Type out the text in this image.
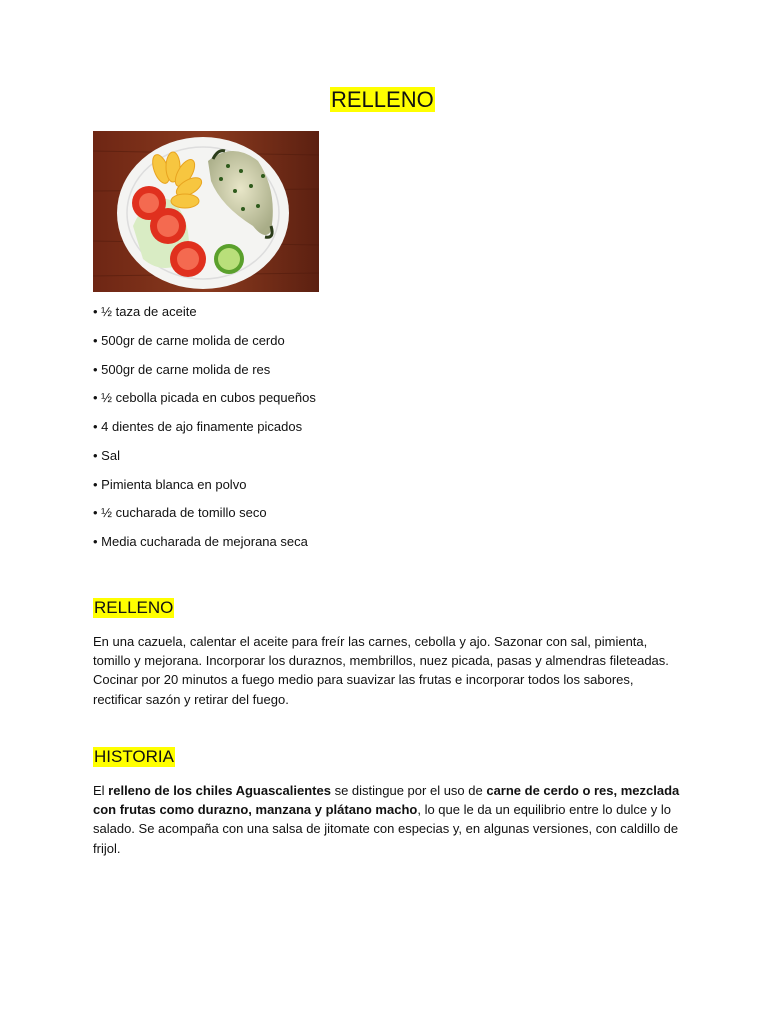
RELLENO
• ½ taza de aceite
• 500gr de carne molida de cerdo
• 500gr de carne molida de res
• ½ cebolla picada en cubos pequeños
• 4 dientes de ajo finamente picados
• Sal
• Pimienta blanca en polvo
• ½ cucharada de tomillo seco
• Media cucharada de mejorana seca
RELLENO

En una cazuela, calentar el aceite para freír las carnes, cebolla y ajo. Sazonar con sal, pimienta, tomillo y mejorana. Incorporar los duraznos, membrillos, nuez picada, pasas y almendras fileteadas. Cocinar por 20 minutos a fuego medio para suavizar las frutas e incorporar todos los sabores, rectificar sazón y retirar del fuego.

HISTORIA

El relleno de los chiles Aguascalientes se distingue por el uso de carne de cerdo o res, mezclada con frutas como durazno, manzana y plátano macho, lo que le da un equilibrio entre lo dulce y lo salado. Se acompaña con una salsa de jitomate con especias y, en algunas versiones, con caldillo de frijol.
